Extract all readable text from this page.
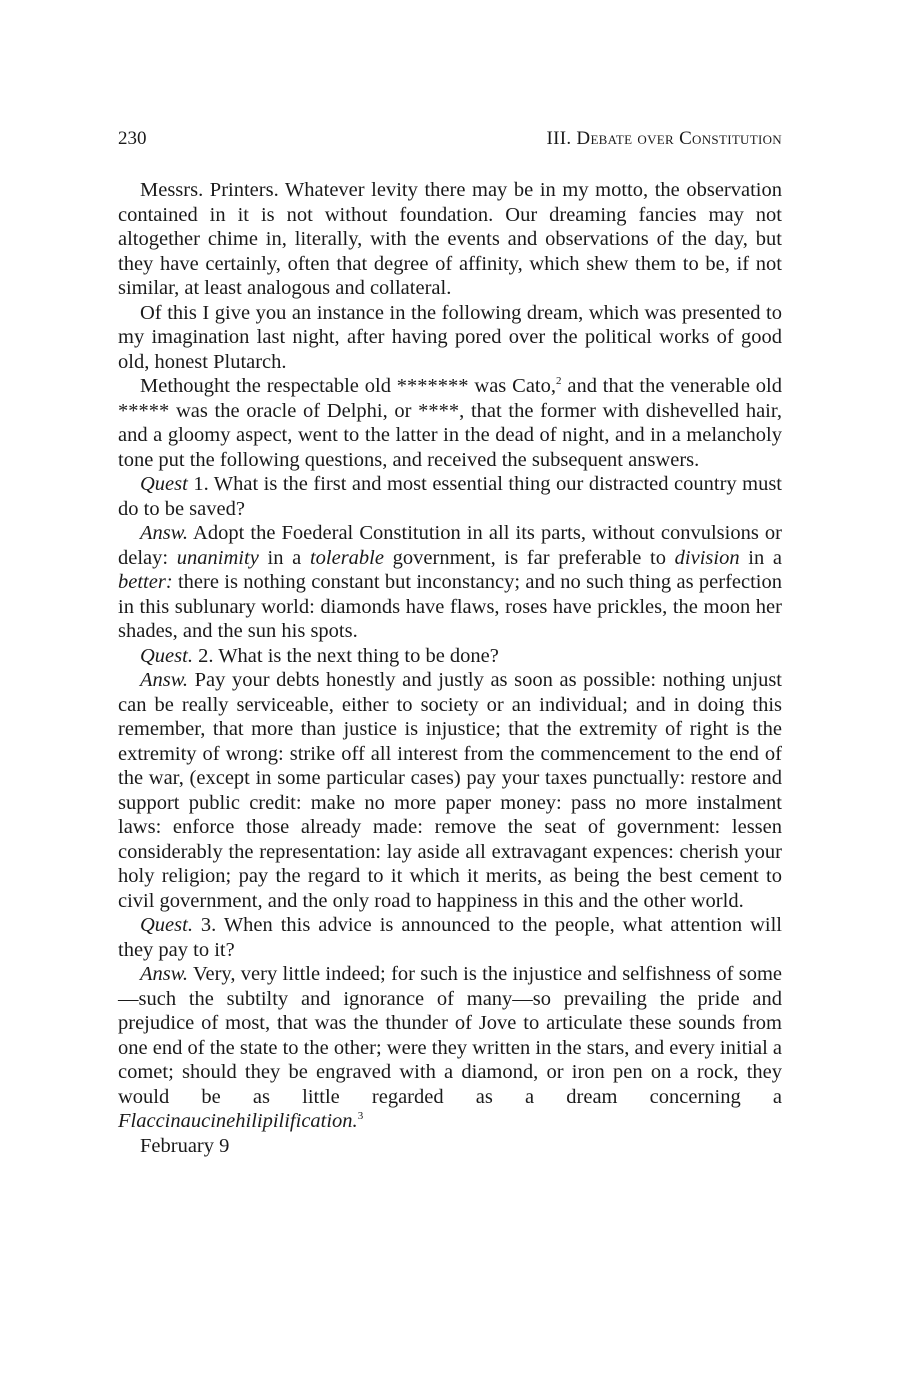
230	III. Debate over Constitution

Messrs. Printers. Whatever levity there may be in my motto, the observation contained in it is not without foundation. Our dreaming fancies may not altogether chime in, literally, with the events and observations of the day, but they have certainly, often that degree of affinity, which shew them to be, if not similar, at least analogous and collateral.

Of this I give you an instance in the following dream, which was presented to my imagination last night, after having pored over the political works of good old, honest Plutarch.

Methought the respectable old ******* was Cato,$^2$ and that the venerable old ***** was the oracle of Delphi, or ****, that the former with dishevelled hair, and a gloomy aspect, went to the latter in the dead of night, and in a melancholy tone put the following questions, and received the subsequent answers.

Quest 1. What is the first and most essential thing our distracted country must do to be saved?

Answ. Adopt the Foederal Constitution in all its parts, without convulsions or delay: unanimity in a tolerable government, is far preferable to division in a better: there is nothing constant but inconstancy; and no such thing as perfection in this sublunary world: diamonds have flaws, roses have prickles, the moon her shades, and the sun his spots.

Quest. 2. What is the next thing to be done?

Answ. Pay your debts honestly and justly as soon as possible: nothing unjust can be really serviceable, either to society or an individual; and in doing this remember, that more than justice is injustice; that the extremity of right is the extremity of wrong: strike off all interest from the commencement to the end of the war, (except in some particular cases) pay your taxes punctually: restore and support public credit: make no more paper money: pass no more instalment laws: enforce those already made: remove the seat of government: lessen considerably the representation: lay aside all extravagant expences: cherish your holy religion; pay the regard to it which it merits, as being the best cement to civil government, and the only road to happiness in this and the other world.

Quest. 3. When this advice is announced to the people, what attention will they pay to it?

Answ. Very, very little indeed; for such is the injustice and selfishness of some—such the subtilty and ignorance of many—so prevailing the pride and prejudice of most, that was the thunder of Jove to articulate these sounds from one end of the state to the other; were they written in the stars, and every initial a comet; should they be engraved with a diamond, or iron pen on a rock, they would be as little regarded as a dream concerning a Flaccinaucinehilipilification.$^3$

February 9
